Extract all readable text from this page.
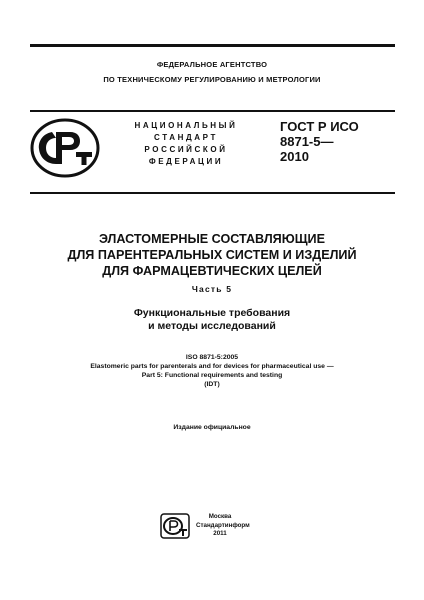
ФЕДЕРАЛЬНОЕ АГЕНТСТВО
ПО ТЕХНИЧЕСКОМУ РЕГУЛИРОВАНИЮ И МЕТРОЛОГИИ
НАЦИОНАЛЬНЫЙ
СТАНДАРТ
РОССИЙСКОЙ
ФЕДЕРАЦИИ
ГОСТ Р ИСО
8871-5—
2010
ЭЛАСТОМЕРНЫЕ СОСТАВЛЯЮЩИЕ
ДЛЯ ПАРЕНТЕРАЛЬНЫХ СИСТЕМ И ИЗДЕЛИЙ
ДЛЯ ФАРМАЦЕВТИЧЕСКИХ ЦЕЛЕЙ
Часть 5
Функциональные требования
и методы исследований
ISO 8871-5:2005
Elastomeric parts for parenterals and for devices for pharmaceutical use —
Part 5: Functional requirements and testing
(IDT)
Издание официальное
Москва
Стандартинформ
2011
